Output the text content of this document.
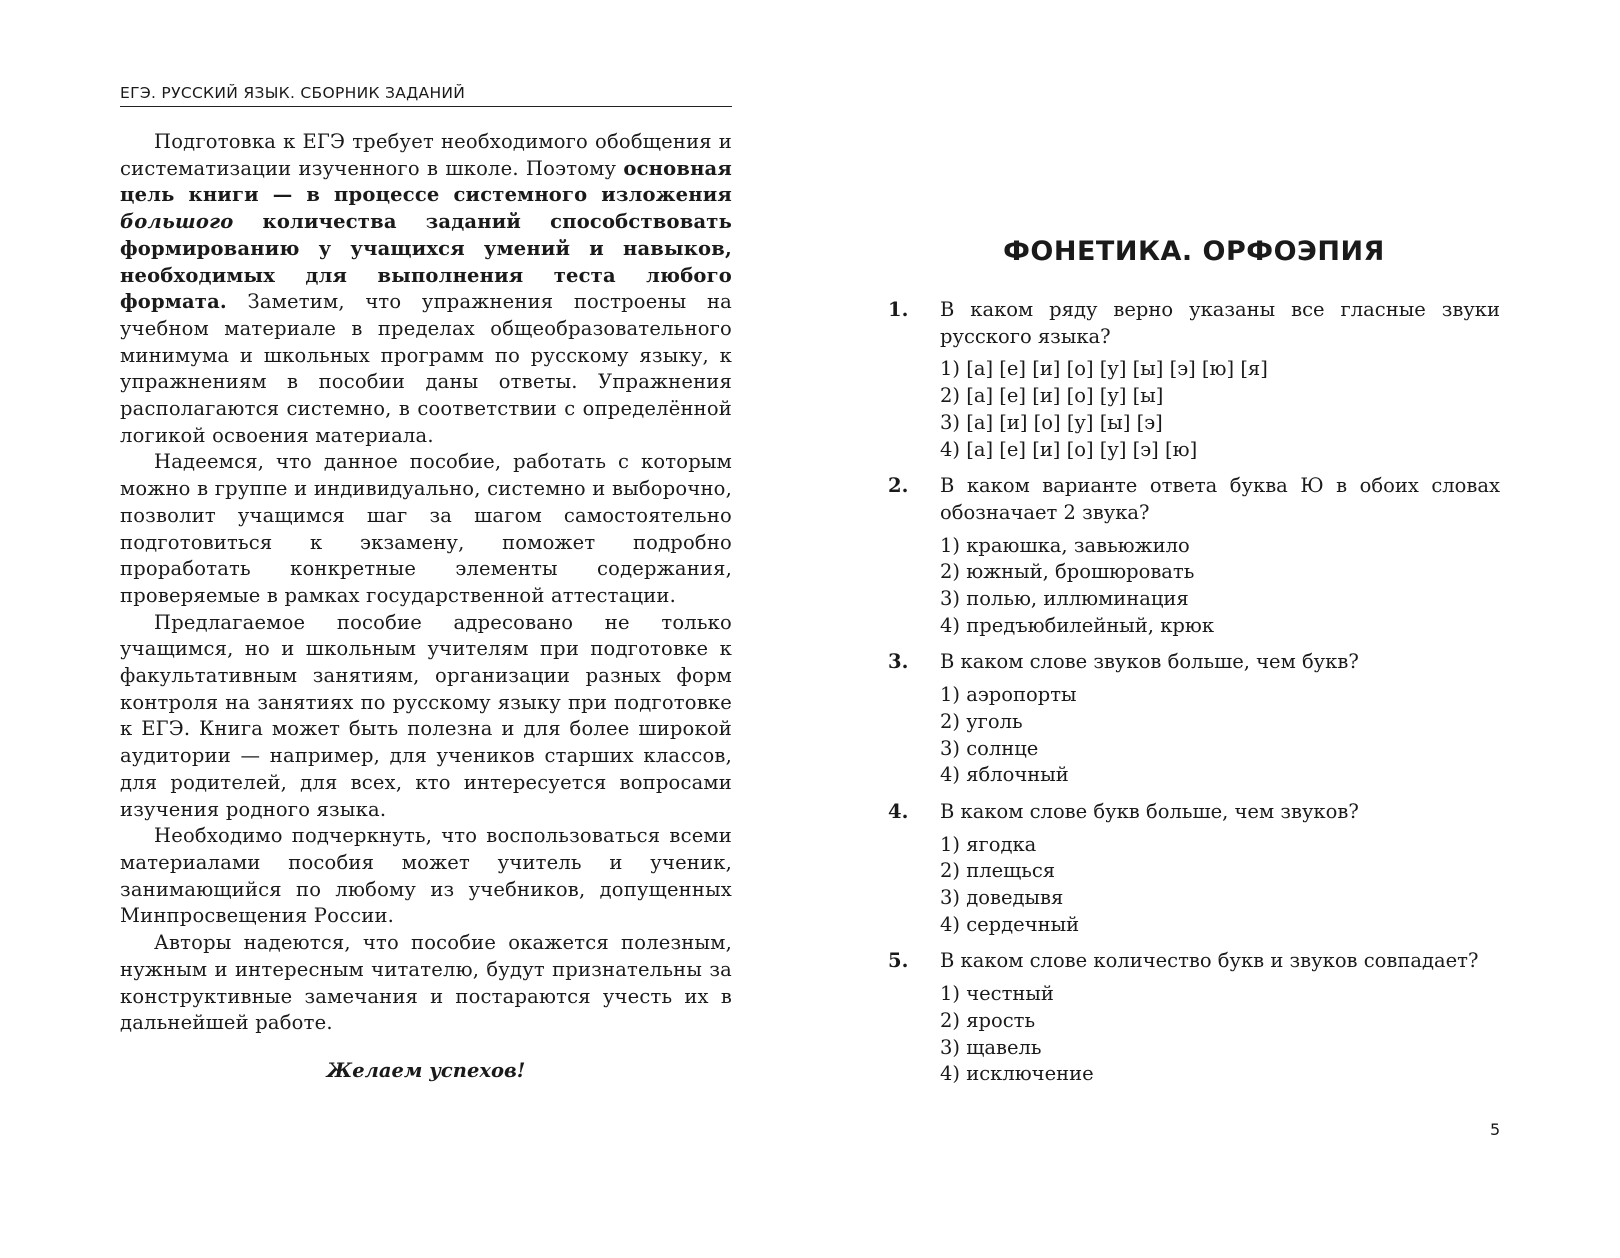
ЕГЭ. РУССКИЙ ЯЗЫК. СБОРНИК ЗАДАНИЙ

Подготовка к ЕГЭ требует необходимого обобщения и систематизации изученного в школе. Поэтому основная цель книги — в процессе системного изложения большого количества заданий способствовать формированию у учащихся умений и навыков, необходимых для выполнения теста любого формата. Заметим, что упражнения построены на учебном материале в пределах общеобразовательного минимума и школьных программ по русскому языку, к упражнениям в пособии даны ответы. Упражнения располагаются системно, в соответствии с определённой логикой освоения материала.

Надеемся, что данное пособие, работать с которым можно в группе и индивидуально, системно и выборочно, позволит учащимся шаг за шагом самостоятельно подготовиться к экзамену, поможет подробно проработать конкретные элементы содержания, проверяемые в рамках государственной аттестации.

Предлагаемое пособие адресовано не только учащимся, но и школьным учителям при подготовке к факультативным занятиям, организации разных форм контроля на занятиях по русскому языку при подготовке к ЕГЭ. Книга может быть полезна и для более широкой аудитории — например, для учеников старших классов, для родителей, для всех, кто интересуется вопросами изучения родного языка.

Необходимо подчеркнуть, что воспользоваться всеми материалами пособия может учитель и ученик, занимающийся по любому из учебников, допущенных Минпросвещения России.

Авторы надеются, что пособие окажется полезным, нужным и интересным читателю, будут признательны за конструктивные замечания и постараются учесть их в дальнейшей работе.

Желаем успехов!
ФОНЕТИКА. ОРФОЭПИЯ
1. В каком ряду верно указаны все гласные звуки русского языка?
1) [а] [е] [и] [о] [у] [ы] [э] [ю] [я]
2) [а] [е] [и] [о] [у] [ы]
3) [а] [и] [о] [у] [ы] [э]
4) [а] [е] [и] [о] [у] [э] [ю]
2. В каком варианте ответа буква Ю в обоих словах обозначает 2 звука?
1) краюшка, завьюжило
2) южный, брошюровать
3) полью, иллюминация
4) предъюбилейный, крюк
3. В каком слове звуков больше, чем букв?
1) аэропорты
2) уголь
3) солнце
4) яблочный
4. В каком слове букв больше, чем звуков?
1) ягодка
2) плещься
3) доведывя
4) сердечный
5. В каком слове количество букв и звуков совпадает?
1) честный
2) ярость
3) щавель
4) исключение
5
